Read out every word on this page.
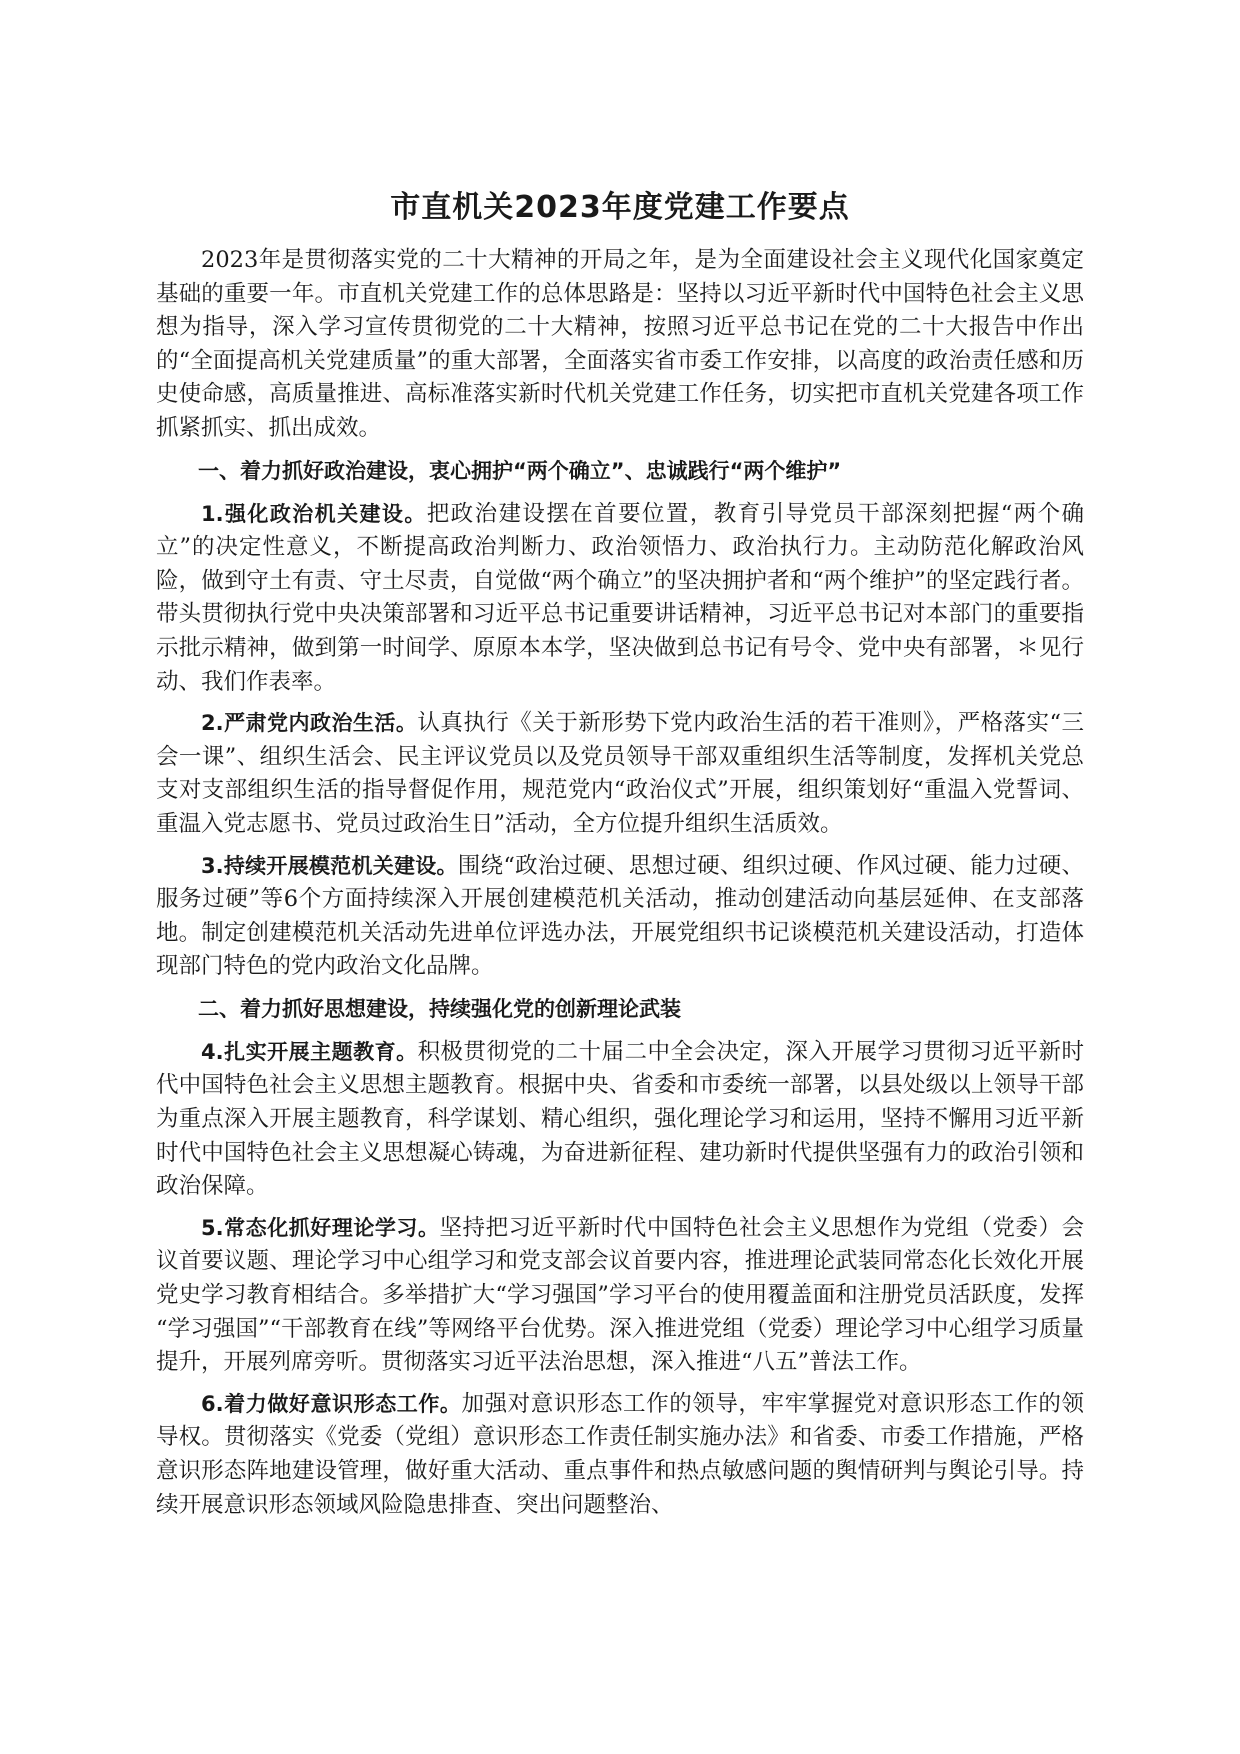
市直机关2023年度党建工作要点

2023年是贯彻落实党的二十大精神的开局之年，是为全面建设社会主义现代化国家奠定基础的重要一年。市直机关党建工作的总体思路是：坚持以习近平新时代中国特色社会主义思想为指导，深入学习宣传贯彻党的二十大精神，按照习近平总书记在党的二十大报告中作出的“全面提高机关党建质量”的重大部署，全面落实省市委工作安排，以高度的政治责任感和历史使命感，高质量推进、高标准落实新时代机关党建工作任务，切实把市直机关党建各项工作抓紧抓实、抓出成效。

一、着力抓好政治建设，衷心拥护“两个确立”、忠诚践行“两个维护”

1.强化政治机关建设。把政治建设摆在首要位置，教育引导党员干部深刻把握“两个确立”的决定性意义，不断提高政治判断力、政治领悟力、政治执行力。主动防范化解政治风险，做到守土有责、守土尽责，自觉做“两个确立”的坚决拥护者和“两个维护”的坚定践行者。带头贯彻执行党中央决策部署和习近平总书记重要讲话精神，习近平总书记对本部门的重要指示批示精神，做到第一时间学、原原本本学，坚决做到总书记有号令、党中央有部署，＊见行动、我们作表率。

2.严肃党内政治生活。认真执行《关于新形势下党内政治生活的若干准则》，严格落实“三会一课”、组织生活会、民主评议党员以及党员领导干部双重组织生活等制度，发挥机关党总支对支部组织生活的指导督促作用，规范党内“政治仪式”开展，组织策划好“重温入党誓词、重温入党志愿书、党员过政治生日”活动，全方位提升组织生活质效。

3.持续开展模范机关建设。围绕“政治过硬、思想过硬、组织过硬、作风过硬、能力过硬、服务过硬”等6个方面持续深入开展创建模范机关活动，推动创建活动向基层延伸、在支部落地。制定创建模范机关活动先进单位评选办法，开展党组织书记谈模范机关建设活动，打造体现部门特色的党内政治文化品牌。

二、着力抓好思想建设，持续强化党的创新理论武装

4.扎实开展主题教育。积极贯彻党的二十届二中全会决定，深入开展学习贯彻习近平新时代中国特色社会主义思想主题教育。根据中央、省委和市委统一部署，以县处级以上领导干部为重点深入开展主题教育，科学谋划、精心组织，强化理论学习和运用，坚持不懈用习近平新时代中国特色社会主义思想凝心铸魂，为奋进新征程、建功新时代提供坚强有力的政治引领和政治保障。

5.常态化抓好理论学习。坚持把习近平新时代中国特色社会主义思想作为党组（党委）会议首要议题、理论学习中心组学习和党支部会议首要内容，推进理论武装同常态化长效化开展党史学习教育相结合。多举措扩大“学习强国”学习平台的使用覆盖面和注册党员活跃度，发挥 “学习强国”“干部教育在线”等网络平台优势。深入推进党组（党委）理论学习中心组学习质量提升，开展列席旁听。贯彻落实习近平法治思想，深入推进“八五”普法工作。

6.着力做好意识形态工作。加强对意识形态工作的领导，牢牢掌握党对意识形态工作的领导权。贯彻落实《党委（党组）意识形态工作责任制实施办法》和省委、市委工作措施，严格意识形态阵地建设管理，做好重大活动、重点事件和热点敏感问题的舆情研判与舆论引导。持续开展意识形态领域风险隐患排查、突出问题整治、
